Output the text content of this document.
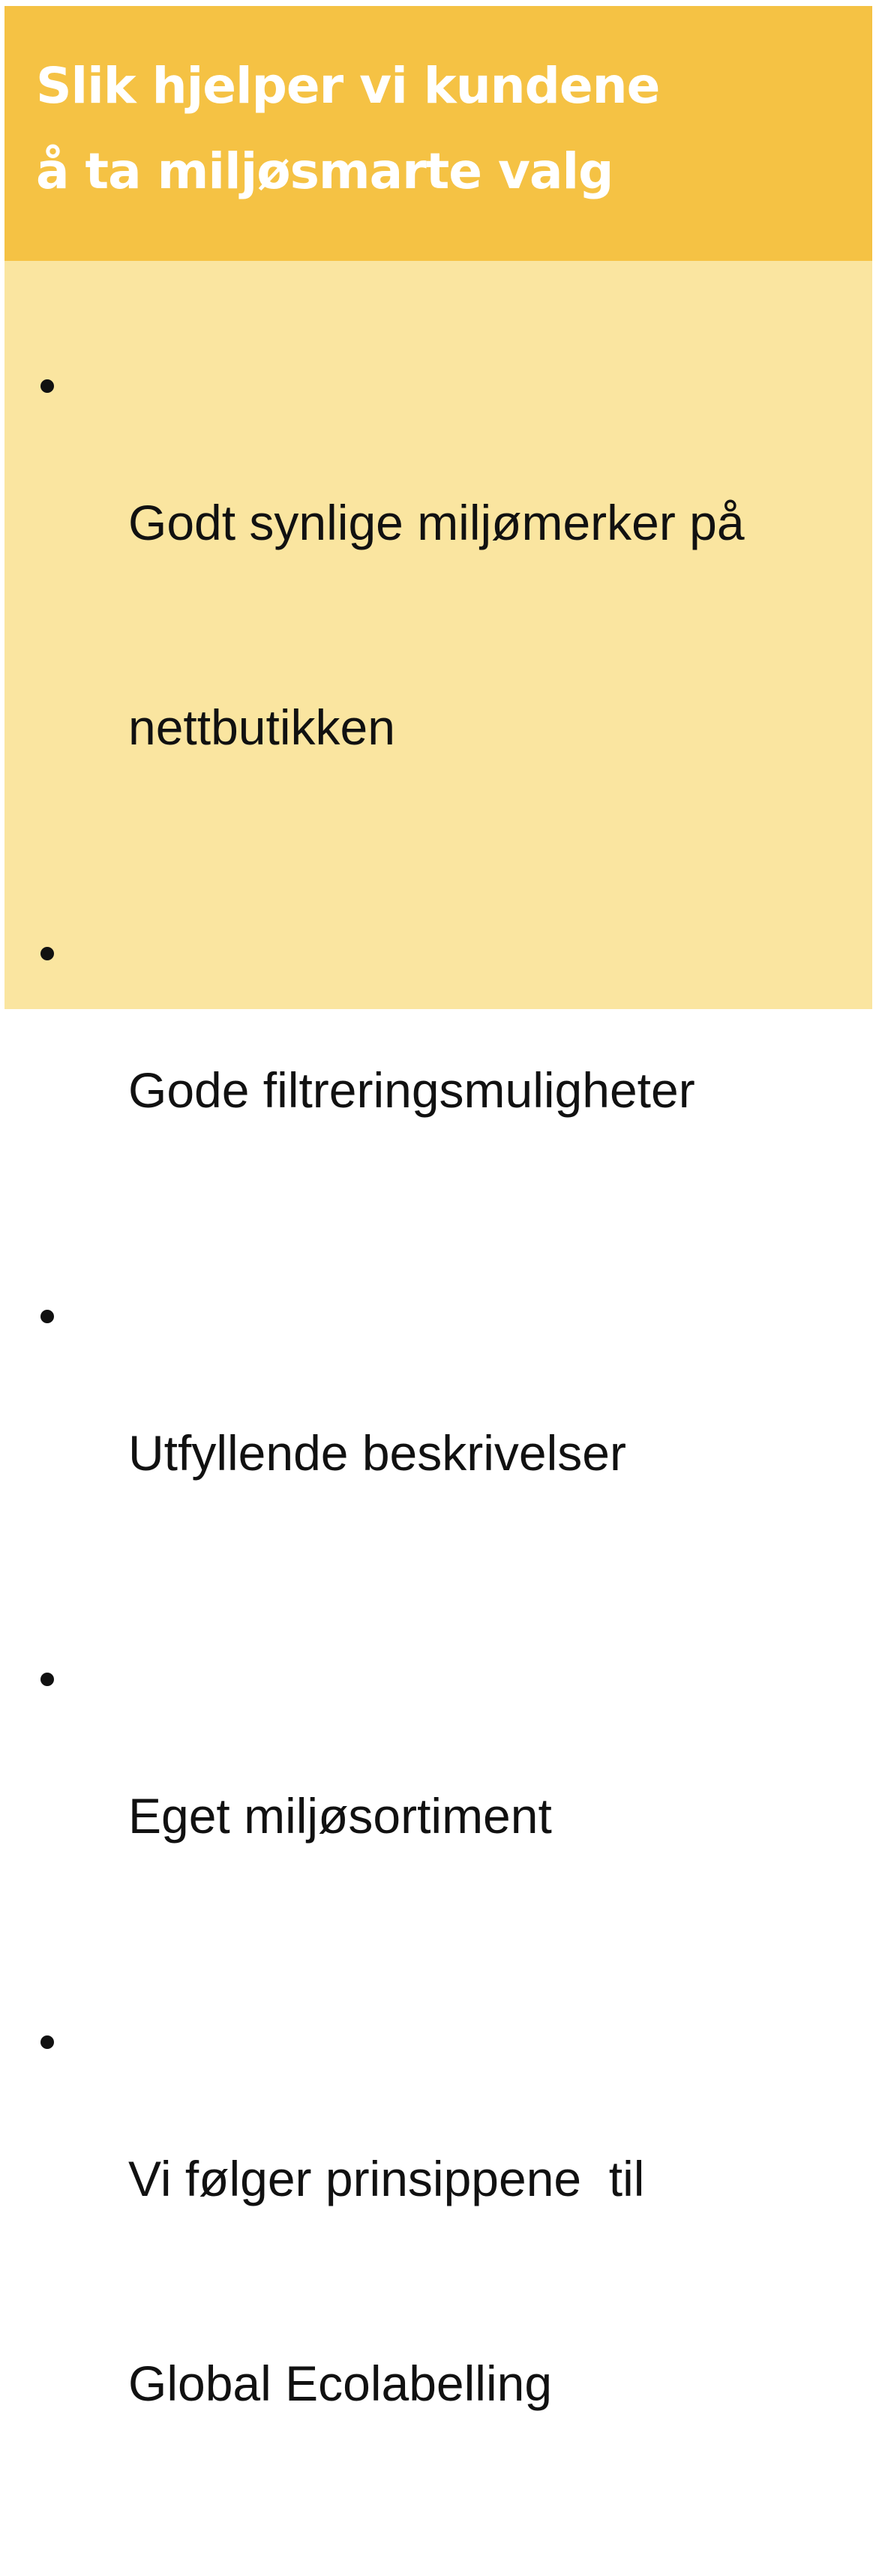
Slik hjelper vi kundene
å ta miljøsmarte valg

Godt synlige miljømerker på

nettbutikken

Gode filtreringsmuligheter

Utfyllende beskrivelser

Eget miljøsortiment

Vi følger prinsippene  til

Global Ecolabelling
